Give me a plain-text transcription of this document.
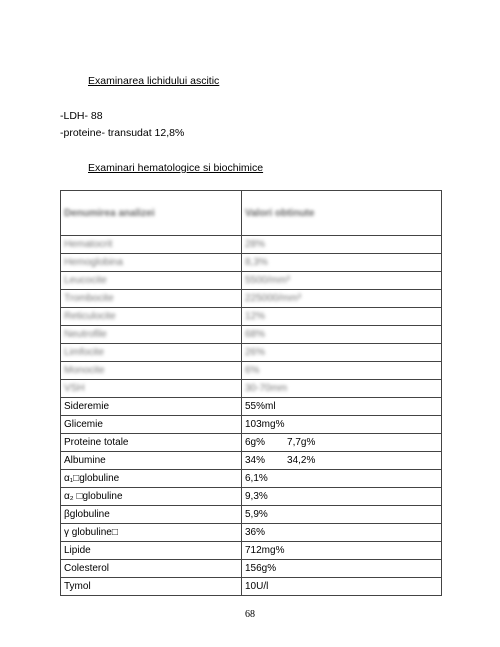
Examinarea lichidului ascitic
-LDH- 88
-proteine- transudat 12,8%
Examinari hematologice si biochimice
Denumirea analizei	Valori obtinute
Hematocrit	28%
Hemoglobina	8,3%
Leucocite	5500/mm³
Trombocite	225000/mm³
Reticulocite	12%
Neutrofile	68%
Limfocite	26%
Monocite	6%
VSH	30-70mm
Sideremie	55%ml
Glicemie	103mg%
Proteine totale	6g% 7,7g%
Albumine	34% 34,2%
α₁□globuline	6,1%
α₂ □globuline	9,3%
βglobuline	5,9%
γ globuline□	36%
Lipide	712mg%
Colesterol	156g%
Tymol	10U/l
68
